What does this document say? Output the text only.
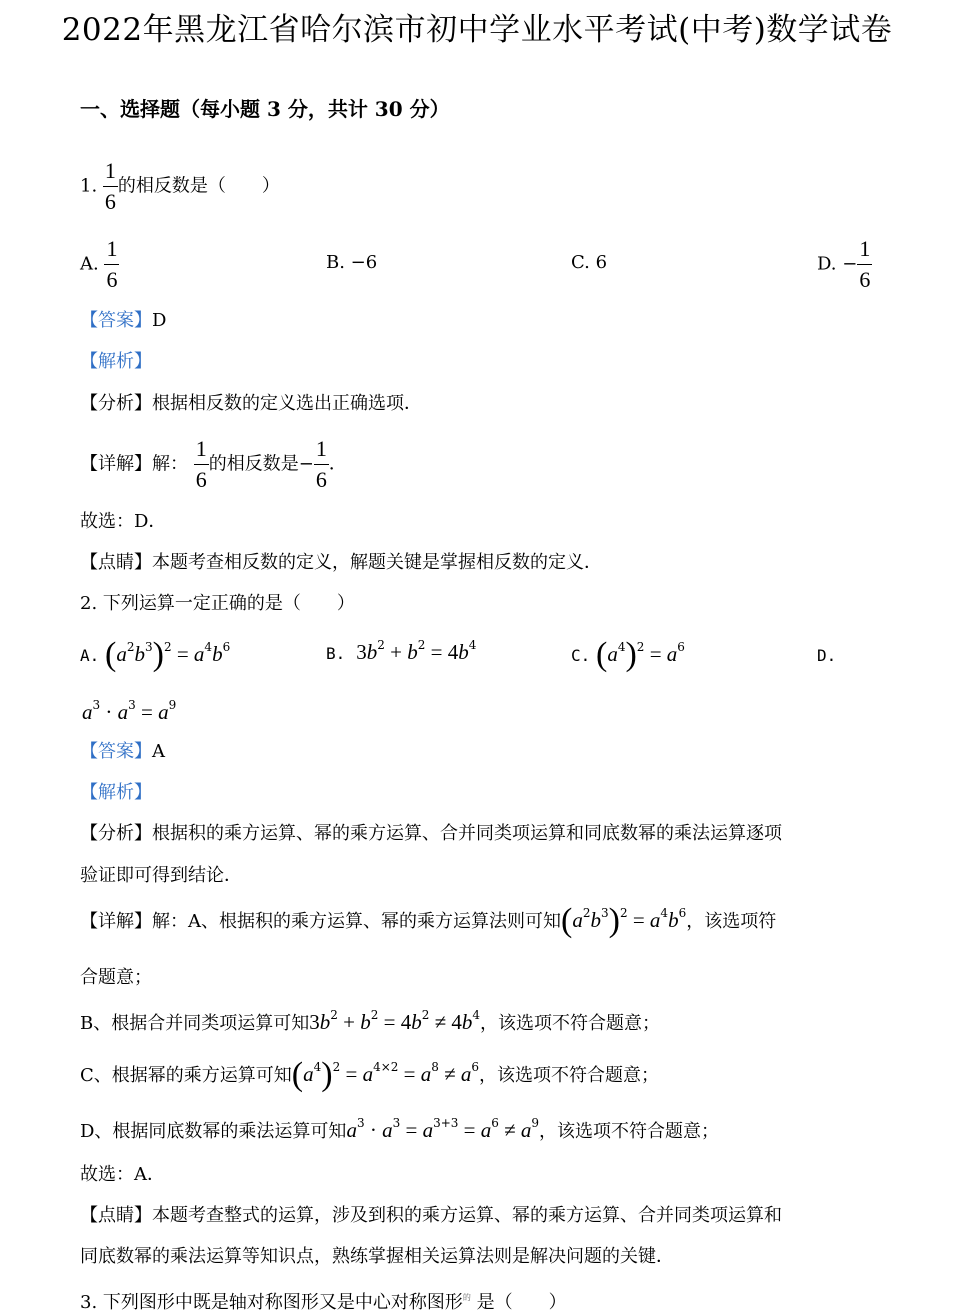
2022年黑龙江省哈尔滨市初中学业水平考试(中考)数学试卷
一、选择题（每小题 3 分，共计 30 分）
1. $\frac{1}{6}$ 的相反数是（　　）
A. $\frac{1}{6}$	B. −6	C. 6	D. − $\frac{1}{6}$
【答案】D
【解析】
【分析】根据相反数的定义选出正确选项．
【详解】解： $\frac{1}{6}$ 的相反数是− $\frac{1}{6}$ ．
故选：D．
【点睛】本题考查相反数的定义，解题关键是掌握相反数的定义．
2. 下列运算一定正确的是（　　）
A. $(a^2b^3)^2 = a^4b^6$	B.  $3b^2 + b^2 = 4b^4$
C. $(a^4)^2 = a^6$	D.
$a^3 \cdot a^3 = a^9$
【答案】A
【解析】
【分析】根据积的乘方运算、幂的乘方运算、合并同类项运算和同底数幂的乘法运算逐项
验证即可得到结论．
【详解】解：A、根据积的乘方运算、幂的乘方运算法则可知$(a^2b^3)^2 = a^4b^6$，该选项符
合题意；
B、根据合并同类项运算可知$3b^2 + b^2 = 4b^2 \ne 4b^4$，该选项不符合题意；
C、根据幂的乘方运算可知$(a^4)^2 = a^{4\times 2} = a^8 \ne a^6$，该选项不符合题意；
D、根据同底数幂的乘法运算可知$a^3 \cdot a^3 = a^{3+3} = a^6 \ne a^9$，该选项不符合题意；
故选：A．
【点睛】本题考查整式的运算，涉及到积的乘方运算、幂的乘方运算、合并同类项运算和
同底数幂的乘法运算等知识点，熟练掌握相关运算法则是解决问题的关键．
3. 下列图形中既是轴对称图形又是中心对称图形$^的$ 是（　　）
